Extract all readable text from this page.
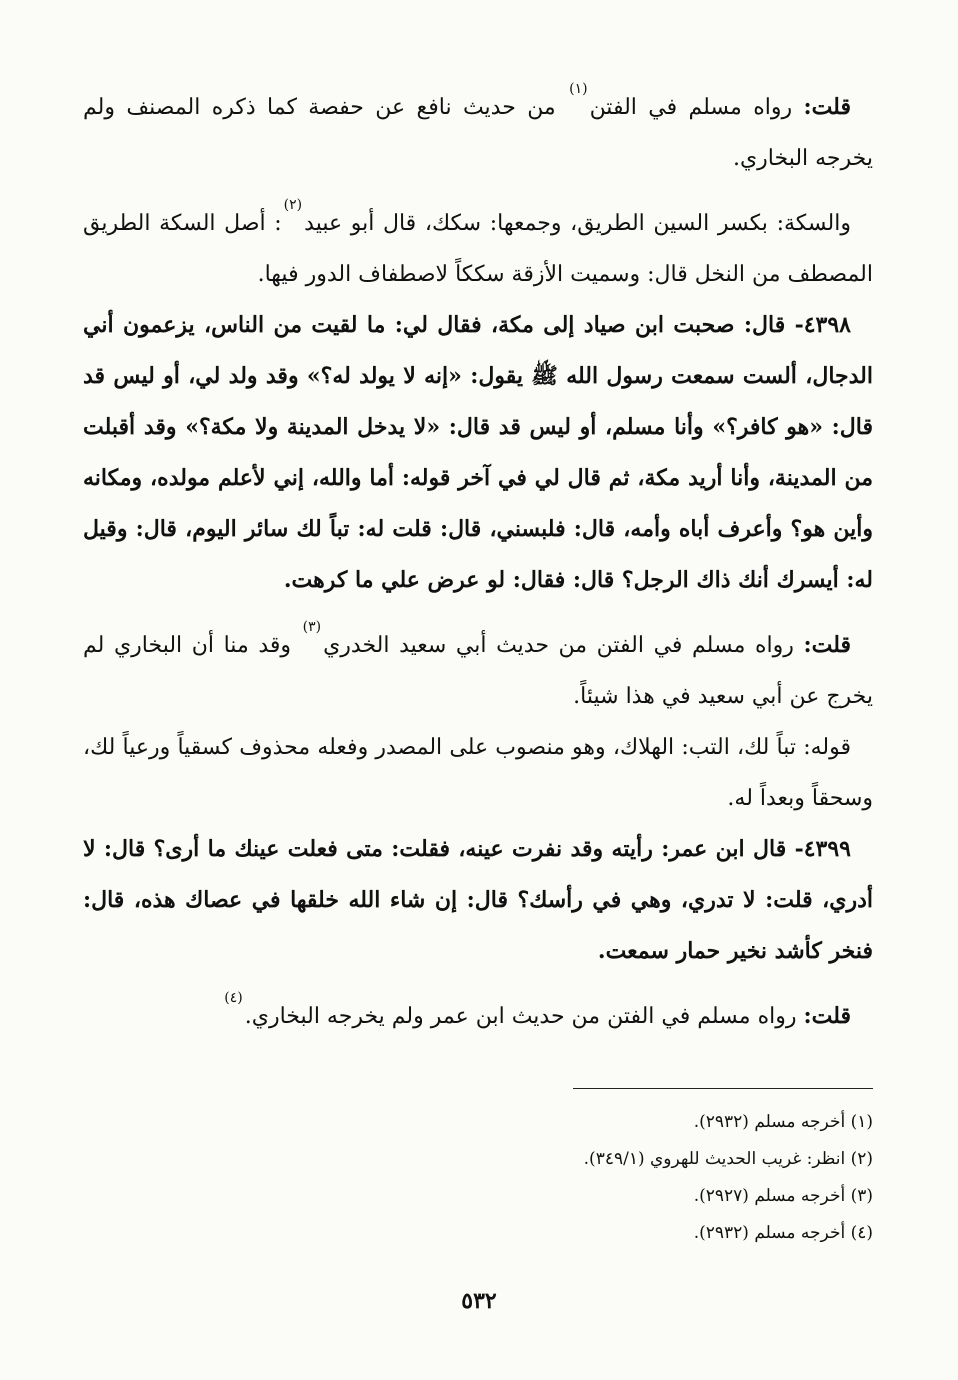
قلت: رواه مسلم في الفتن$^{(١)}$ من حديث نافع عن حفصة كما ذكره المصنف ولم يخرجه البخاري.

والسكة: بكسر السين الطريق، وجمعها: سكك، قال أبو عبيد$^{(٢)}$: أصل السكة الطريق المصطف من النخل قال: وسميت الأزقة سككاً لاصطفاف الدور فيها.

٤٣٩٨- قال: صحبت ابن صياد إلى مكة، فقال لي: ما لقيت من الناس، يزعمون أني الدجال، ألست سمعت رسول الله ﷺ يقول: «إنه لا يولد له؟» وقد ولد لي، أو ليس قد قال: «هو كافر؟» وأنا مسلم، أو ليس قد قال: «لا يدخل المدينة ولا مكة؟» وقد أقبلت من المدينة، وأنا أريد مكة، ثم قال لي في آخر قوله: أما والله، إني لأعلم مولده، ومكانه وأين هو؟ وأعرف أباه وأمه، قال: فلبسني، قال: قلت له: تباً لك سائر اليوم، قال: وقيل له: أيسرك أنك ذاك الرجل؟ قال: فقال: لو عرض علي ما كرهت.

قلت: رواه مسلم في الفتن من حديث أبي سعيد الخدري$^{(٣)}$ وقد منا أن البخاري لم يخرج عن أبي سعيد في هذا شيئاً.

قوله: تباً لك، التب: الهلاك، وهو منصوب على المصدر وفعله محذوف كسقياً ورعياً لك، وسحقاً وبعداً له.

٤٣٩٩- قال ابن عمر: رأيته وقد نفرت عينه، فقلت: متى فعلت عينك ما أرى؟ قال: لا أدري، قلت: لا تدري، وهي في رأسك؟ قال: إن شاء الله خلقها في عصاك هذه، قال: فنخر كأشد نخير حمار سمعت.

قلت: رواه مسلم في الفتن من حديث ابن عمر ولم يخرجه البخاري.$^{(٤)}$

(١) أخرجه مسلم (٢٩٣٢).

(٢) انظر: غريب الحديث للهروي (٣٤٩/١).

(٣) أخرجه مسلم (٢٩٢٧).

(٤) أخرجه مسلم (٢٩٣٢).

٥٣٢
